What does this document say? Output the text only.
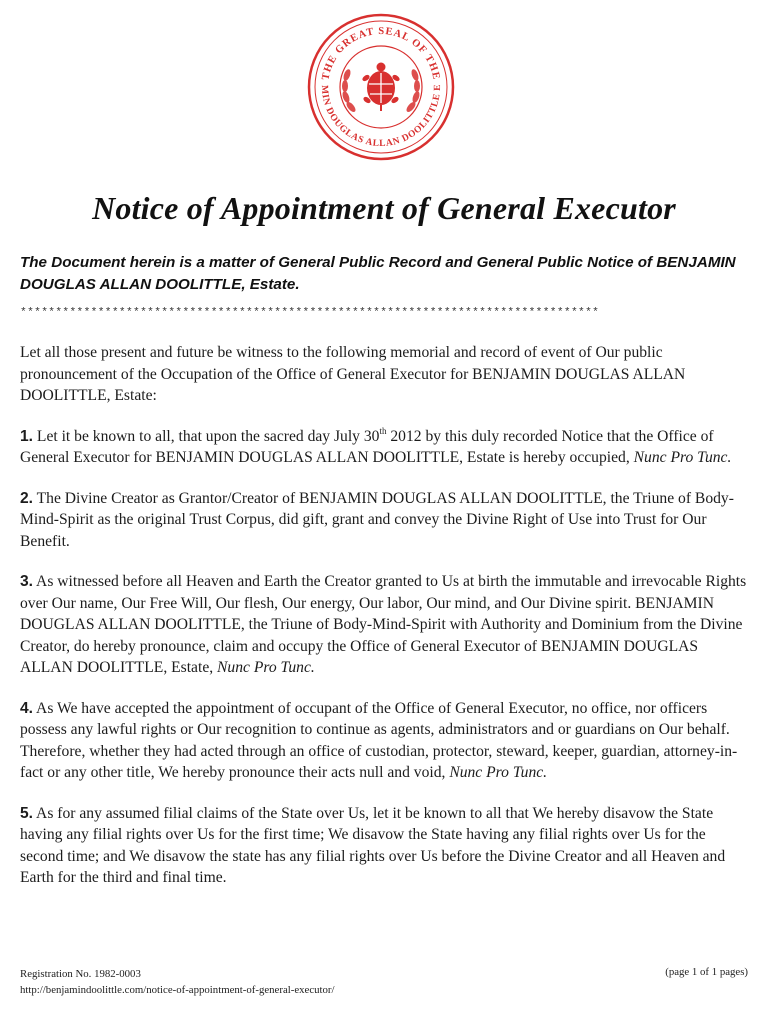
THE GREAT SEAL OF THE
MIN DOUGLAS ALLAN DOOLITTLE E
Notice of Appointment of General Executor
The Document herein is a matter of General Public Record and General Public Notice of BENJAMIN DOUGLAS ALLAN DOOLITTLE, Estate.
**********************************************************************************

Let all those present and future be witness to the following memorial and record of event of Our public pronouncement of the Occupation of the Office of General Executor for BENJAMIN DOUGLAS ALLAN DOOLITTLE, Estate:

1. Let it be known to all, that upon the sacred day July 30th 2012 by this duly recorded Notice that the Office of General Executor for BENJAMIN DOUGLAS ALLAN DOOLITTLE, Estate is hereby occupied, Nunc Pro Tunc.

2. The Divine Creator as Grantor/Creator of BENJAMIN DOUGLAS ALLAN DOOLITTLE, the Triune of Body-Mind-Spirit as the original Trust Corpus, did gift, grant and convey the Divine Right of Use into Trust for Our Benefit.

3. As witnessed before all Heaven and Earth the Creator granted to Us at birth the immutable and irrevocable Rights over Our name, Our Free Will, Our flesh, Our energy, Our labor, Our mind, and Our Divine spirit. BENJAMIN DOUGLAS ALLAN DOOLITTLE, the Triune of Body-Mind-Spirit with Authority and Dominium from the Divine Creator, do hereby pronounce, claim and occupy the Office of General Executor of BENJAMIN DOUGLAS ALLAN DOOLITTLE, Estate, Nunc Pro Tunc.

4. As We have accepted the appointment of occupant of the Office of General Executor, no office, nor officers possess any lawful rights or Our recognition to continue as agents, administrators and or guardians on Our behalf. Therefore, whether they had acted through an office of custodian, protector, steward, keeper, guardian, attorney-in-fact or any other title, We hereby pronounce their acts null and void, Nunc Pro Tunc.

5. As for any assumed filial claims of the State over Us, let it be known to all that We hereby disavow the State having any filial rights over Us for the first time; We disavow the State having any filial rights over Us for the second time; and We disavow the state has any filial rights over Us before the Divine Creator and all Heaven and Earth for the third and final time.

Registration No. 1982-0003
http://benjamindoolittle.com/notice-of-appointment-of-general-executor/
(page 1 of 1 pages)
